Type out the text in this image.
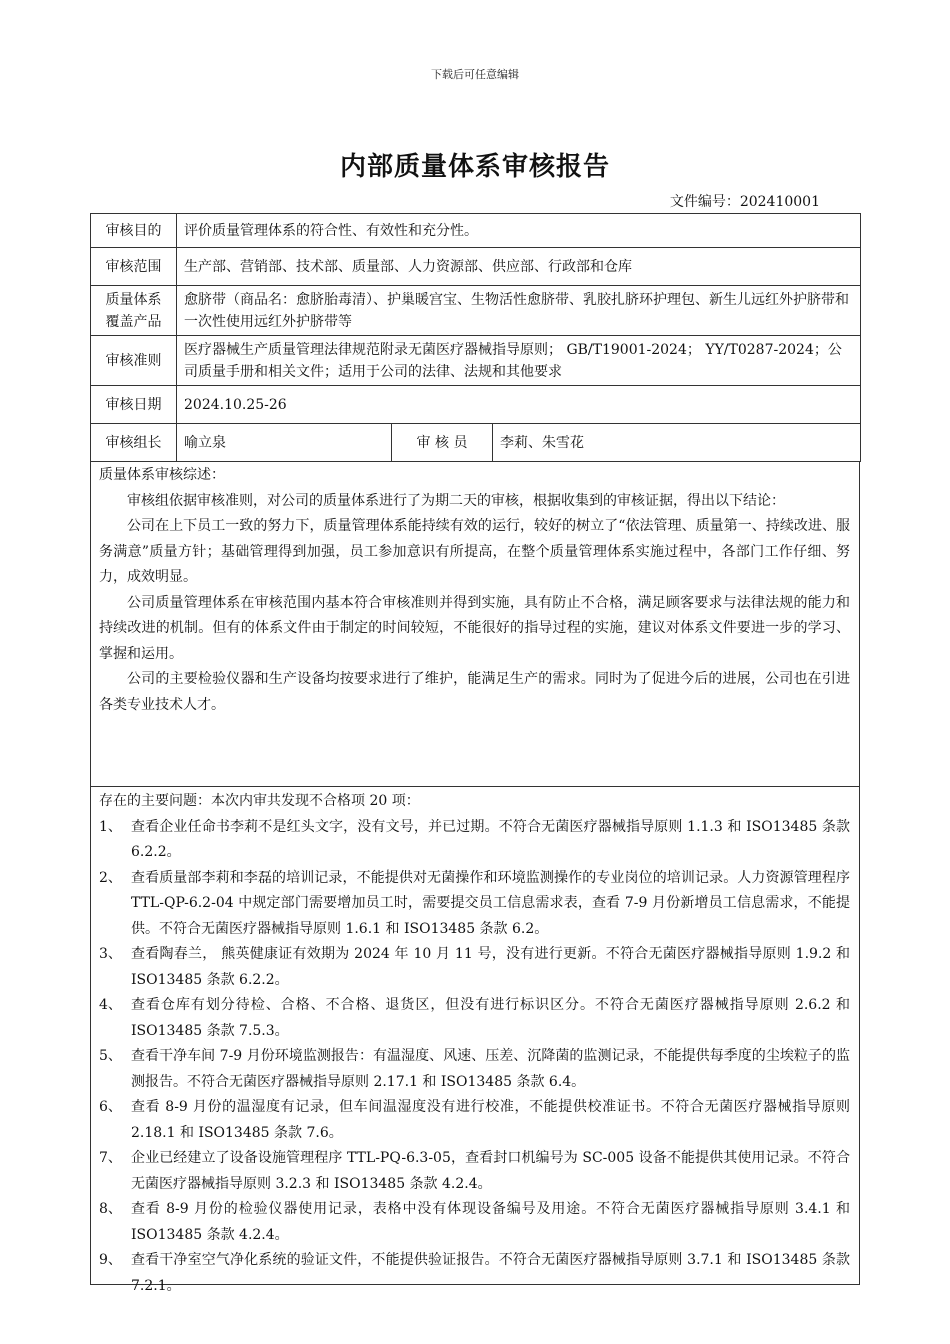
下载后可任意编辑
内部质量体系审核报告
文件编号：202410001
审核目的	评价质量管理体系的符合性、有效性和充分性。		
审核范围	生产部、营销部、技术部、质量部、人力资源部、供应部、行政部和仓库		
质量体系
覆盖产品	愈脐带（商品名：愈脐胎毒清）、护巢暖宫宝、生物活性愈脐带、乳胶扎脐环护理包、新生儿远红外护脐带和一次性使用远红外护脐带等		
审核准则	医疗器械生产质量管理法律规范附录无菌医疗器械指导原则； GB/T19001-2024； YY/T0287-2024；公司质量手册和相关文件；适用于公司的法律、法规和其他要求		
审核日期	2024.10.25-26		
审核组长	喻立泉	审 核 员	李莉、朱雪花

质量体系审核综述：

审核组依据审核准则，对公司的质量体系进行了为期二天的审核，根据收集到的审核证据，得出以下结论：

公司在上下员工一致的努力下，质量管理体系能持续有效的运行，较好的树立了“依法管理、质量第一、持续改进、服务满意”质量方针；基础管理得到加强，员工参加意识有所提高，在整个质量管理体系实施过程中，各部门工作仔细、努力，成效明显。

公司质量管理体系在审核范围内基本符合审核准则并得到实施，具有防止不合格，满足顾客要求与法律法规的能力和持续改进的机制。但有的体系文件由于制定的时间较短，不能很好的指导过程的实施，建议对体系文件要进一步的学习、掌握和运用。

公司的主要检验仪器和生产设备均按要求进行了维护，能满足生产的需求。同时为了促进今后的进展，公司也在引进各类专业技术人才。

存在的主要问题：本次内审共发现不合格项 20 项：

1、 查看企业任命书李莉不是红头文字，没有文号，并已过期。不符合无菌医疗器械指导原则 1.1.3 和 ISO13485 条款 6.2.2。
2、 查看质量部李莉和李磊的培训记录，不能提供对无菌操作和环境监测操作的专业岗位的培训记录。人力资源管理程序 TTL-QP-6.2-04 中规定部门需要增加员工时，需要提交员工信息需求表，查看 7-9 月份新增员工信息需求，不能提供。不符合无菌医疗器械指导原则 1.6.1 和 ISO13485 条款 6.2。
3、 查看陶春兰， 熊英健康证有效期为 2024 年 10 月 11 号，没有进行更新。不符合无菌医疗器械指导原则 1.9.2 和 ISO13485 条款 6.2.2。
4、 查看仓库有划分待检、合格、不合格、退货区，但没有进行标识区分。不符合无菌医疗器械指导原则 2.6.2 和 ISO13485 条款 7.5.3。
5、 查看干净车间 7-9 月份环境监测报告：有温湿度、风速、压差、沉降菌的监测记录，不能提供每季度的尘埃粒子的监测报告。不符合无菌医疗器械指导原则 2.17.1 和 ISO13485 条款 6.4。
6、 查看 8-9 月份的温湿度有记录，但车间温湿度没有进行校准，不能提供校准证书。不符合无菌医疗器械指导原则 2.18.1 和 ISO13485 条款 7.6。
7、 企业已经建立了设备设施管理程序 TTL-PQ-6.3-05，查看封口机编号为 SC-005 设备不能提供其使用记录。不符合无菌医疗器械指导原则 3.2.3 和 ISO13485 条款 4.2.4。
8、 查看 8-9 月份的检验仪器使用记录，表格中没有体现设备编号及用途。不符合无菌医疗器械指导原则 3.4.1 和 ISO13485 条款 4.2.4。
9、 查看干净室空气净化系统的验证文件，不能提供验证报告。不符合无菌医疗器械指导原则 3.7.1 和 ISO13485 条款 7.2.1。
